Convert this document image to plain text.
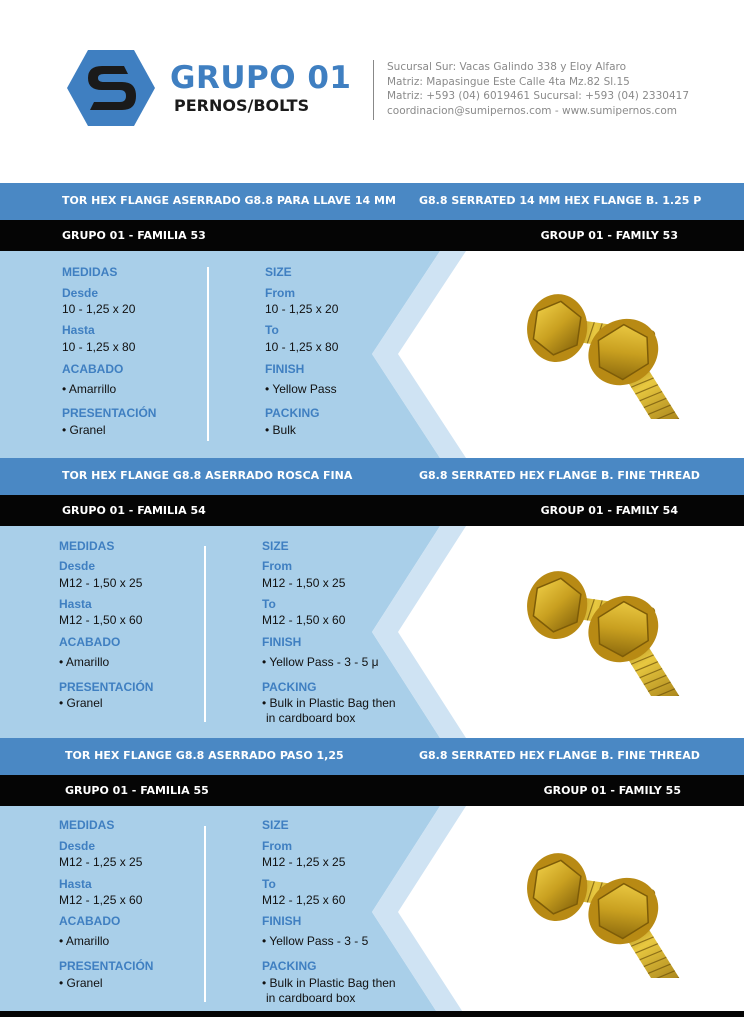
GRUPO 01
PERNOS/BOLTS
Sucursal Sur: Vacas Galindo 338 y Eloy Alfaro
Matriz: Mapasingue Este Calle 4ta Mz.82 Sl.15
Matriz: +593 (04) 6019461 Sucursal: +593 (04) 2330417
coordinacion@sumipernos.com - www.sumipernos.com
TOR HEX FLANGE ASERRADO G8.8 PARA LLAVE 14 MM G8.8 SERRATED 14 MM HEX FLANGE B. 1.25 P
GRUPO 01 - FAMILIA 53	GROUP 01 - FAMILY 53
MEDIDAS
Desde
10 - 1,25 x 20
Hasta
10 - 1,25 x 80
ACABADO
• Amarrillo
PRESENTACIÓN
• Granel
SIZE
From
10 - 1,25 x 20
To
10 - 1,25 x 80
FINISH
• Yellow Pass
PACKING
• Bulk
TOR HEX FLANGE G8.8 ASERRADO ROSCA FINA	G8.8 SERRATED HEX FLANGE B. FINE THREAD
GRUPO 01 - FAMILIA 54	GROUP 01 - FAMILY 54
MEDIDAS
Desde
M12 - 1,50 x 25
Hasta
M12 - 1,50 x 60
ACABADO
• Amarillo
PRESENTACIÓN
• Granel
SIZE
From
M12 - 1,50 x 25
To
M12 - 1,50 x 60
FINISH
• Yellow Pass - 3 - 5 μ
PACKING
• Bulk in Plastic Bag then
in cardboard box
TOR HEX FLANGE G8.8 ASERRADO PASO 1,25	G8.8 SERRATED HEX FLANGE B. FINE THREAD
GRUPO 01 - FAMILIA 55	GROUP 01 - FAMILY 55
MEDIDAS
Desde
M12 - 1,25 x 25
Hasta
M12 - 1,25 x 60
ACABADO
• Amarillo
PRESENTACIÓN
• Granel
SIZE
From
M12 - 1,25 x 25
To
M12 - 1,25 x 60
FINISH
• Yellow Pass - 3 - 5
PACKING
• Bulk in Plastic Bag then
in cardboard box
